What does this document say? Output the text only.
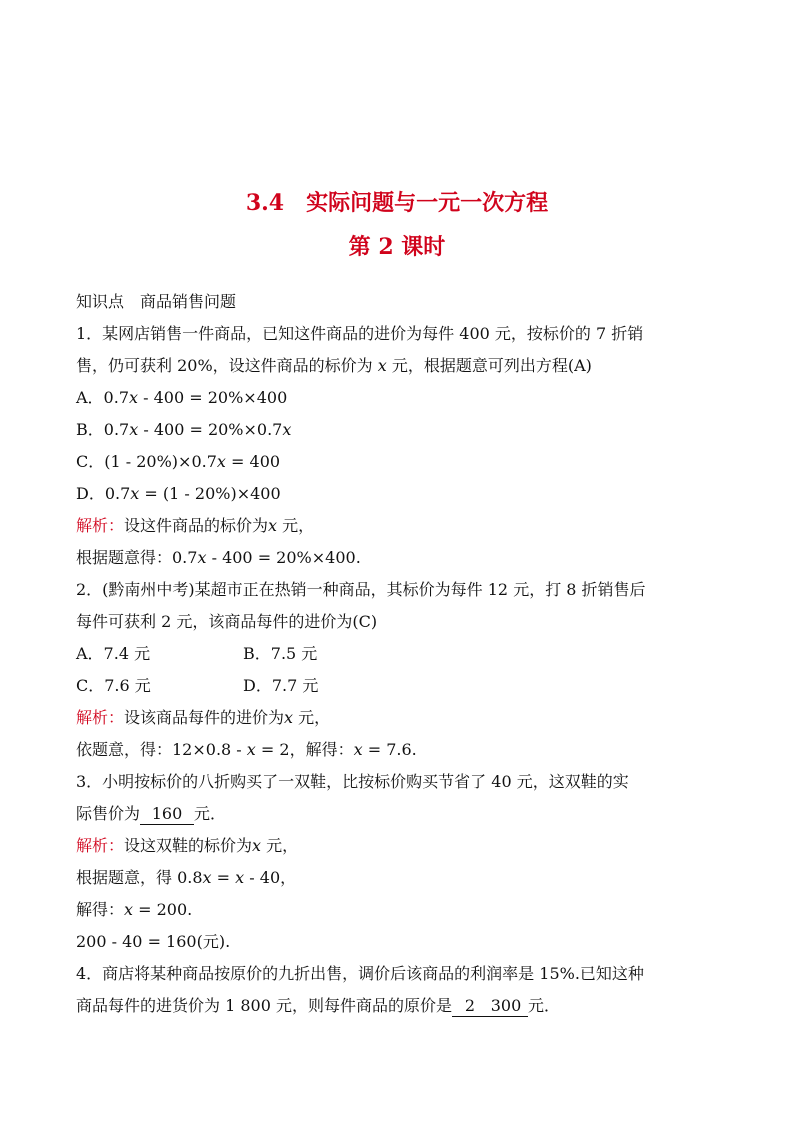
3.4 实际问题与一元一次方程
第 2 课时
知识点　商品销售问题
1．某网店销售一件商品，已知这件商品的进价为每件 400 元，按标价的 7 折销
售，仍可获利 20%，设这件商品的标价为 x 元，根据题意可列出方程(A)
A．0.7x - 400 = 20%×400
B．0.7x - 400 = 20%×0.7x
C．(1 - 20%)×0.7x = 400
D．0.7x = (1 - 20%)×400
解析：设这件商品的标价为x 元，
根据题意得：0.7x - 400 = 20%×400.
2．(黔南州中考)某超市正在热销一种商品，其标价为每件 12 元，打 8 折销售后
每件可获利 2 元，该商品每件的进价为(C)
A．7.4 元	B．7.5 元
C．7.6 元	D．7.7 元
解析：设该商品每件的进价为x 元，
依题意，得：12×0.8 - x = 2，解得：x = 7.6.
3．小明按标价的八折购买了一双鞋，比按标价购买节省了 40 元，这双鞋的实
际售价为 160 元．
解析：设这双鞋的标价为x 元，
根据题意，得 0.8x = x - 40，
解得：x = 200.
200 - 40 = 160(元).
4．商店将某种商品按原价的九折出售，调价后该商品的利润率是 15%.已知这种
商品每件的进货价为 1 800 元，则每件商品的原价是 2 300 元．
